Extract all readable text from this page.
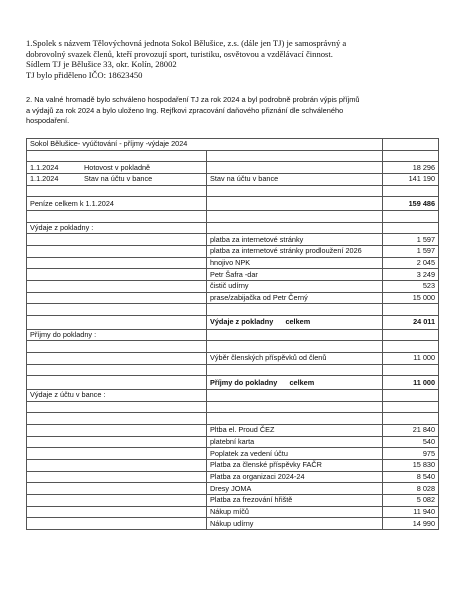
1.Spolek s názvem Tělovýchovná jednota Sokol Bělušice, z.s. (dále jen TJ) je samosprávný a
dobrovolný svazek členů, kteří provozují sport, turistiku, osvětovou a vzdělávací činnost.
Sídlem TJ je Bělušice 33, okr. Kolín, 28002
TJ bylo přiděleno IČO: 18623450
2. Na valné hromadě bylo schváleno hospodaření TJ za rok 2024 a byl podrobně probrán výpis příjmů
a výdajů za rok 2024 a bylo uloženo Ing. Rejfkovi zpracování daňového přiznání dle schváleného
hospodaření.
Sokol Bělušice- vyúčtování - příjmy -výdaje 2024		

1.1.2024 Hotovost v pokladně		18 296
1.1.2024 Stav na účtu v bance	Stav na účtu v bance	141 190

Peníze celkem k 1.1.2024		159 486

Výdaje z pokladny :		
	platba za internetové stránky	1 597
	platba za internetové stránky prodloužení 2026	1 597
	hnojivo NPK	2 045
	Petr Šafra -dar	3 249
	čistič udírny	523
	prase/zabijačka od Petr Černý	15 000

	Výdaje z pokladny celkem	24 011
Příjmy do pokladny :		

	Výběr členských příspěvků od členů	11 000

	Příjmy do pokladny celkem	11 000
Výdaje z účtu v bance :		

	Pltba el. Proud ČEZ	21 840
	platební karta	540
	Poplatek za vedení účtu	975
	Platba za členské příspěvky FAČR	15 830
	Platba za organizaci 2024-24	8 540
	Dresy JOMA	8 028
	Platba za frezování hřiště	5 082
	Nákup míčů	11 940
	Nákup udírny	14 990
